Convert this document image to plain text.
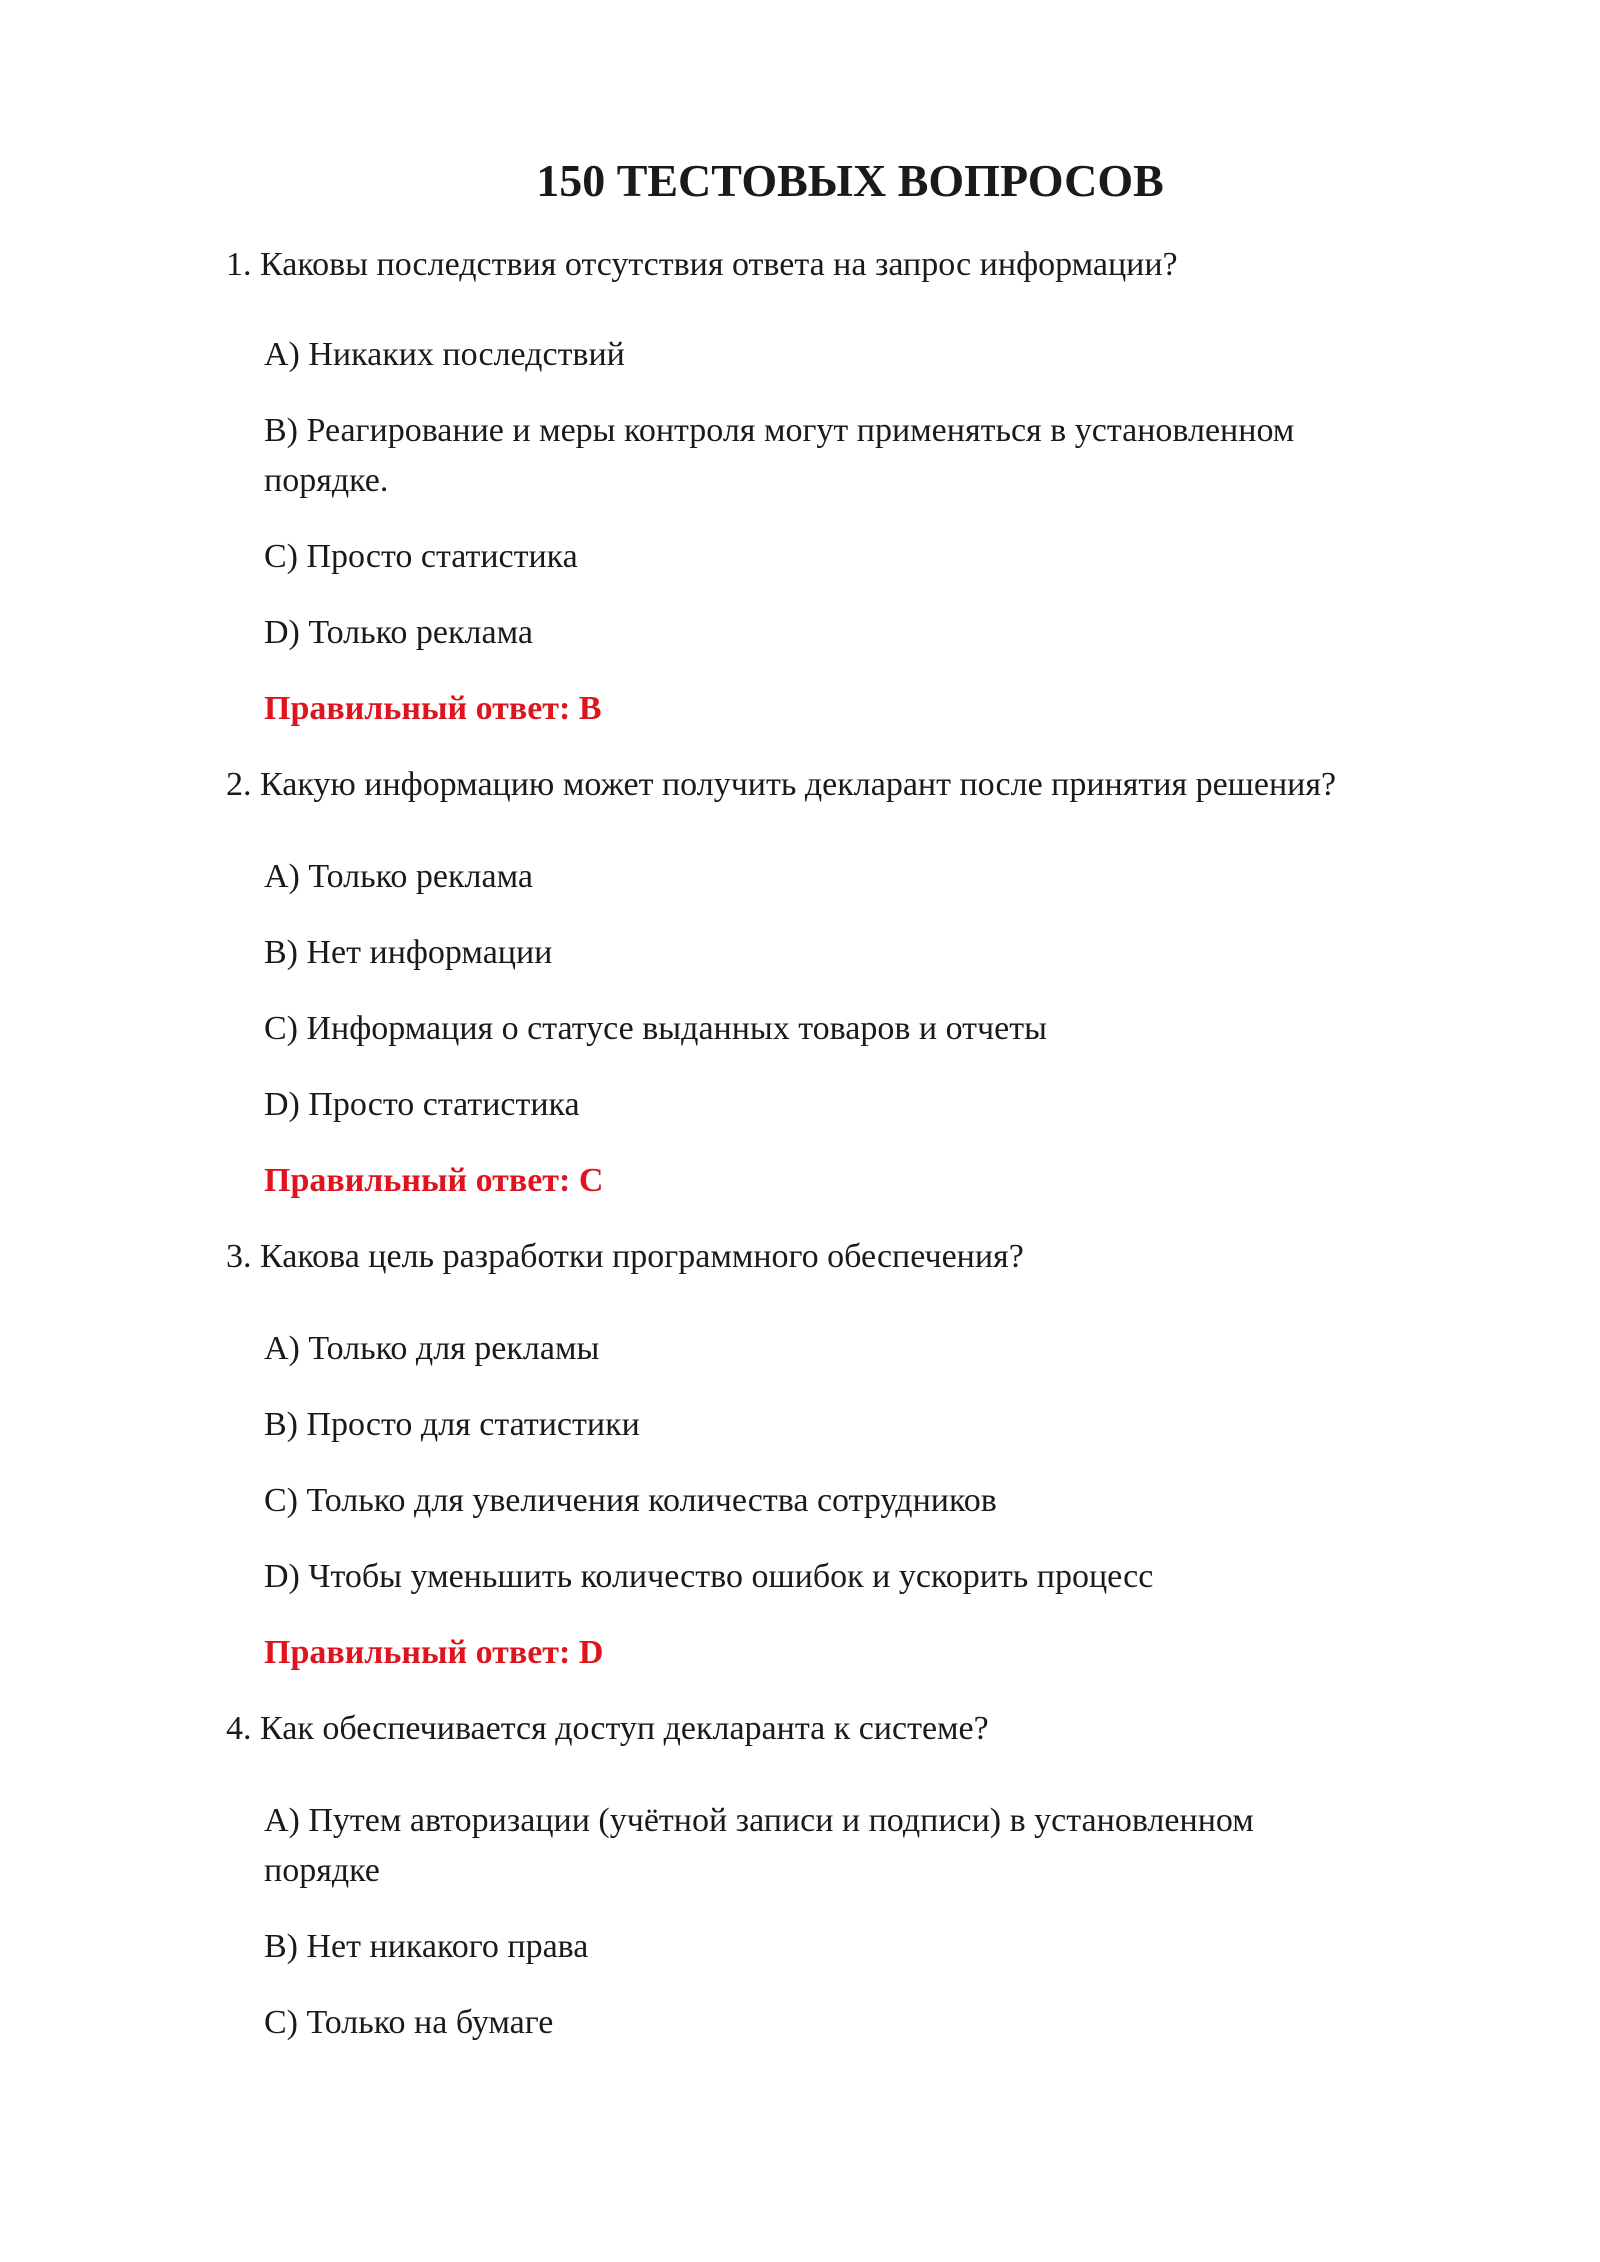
150 ТЕСТОВЫХ ВОПРОСОВ
1. Каковы последствия отсутствия ответа на запрос информации?
A) Никаких последствий
B) Реагирование и меры контроля могут применяться в установленном
порядке.
C) Просто статистика
D) Только реклама
Правильный ответ: B
2. Какую информацию может получить декларант после принятия решения?
A) Только реклама
B) Нет информации
C) Информация о статусе выданных товаров и отчеты
D) Просто статистика
Правильный ответ: C
3. Какова цель разработки программного обеспечения?
A) Только для рекламы
B) Просто для статистики
C) Только для увеличения количества сотрудников
D) Чтобы уменьшить количество ошибок и ускорить процесс
Правильный ответ: D
4. Как обеспечивается доступ декларанта к системе?
A) Путем авторизации (учётной записи и подписи) в установленном
порядке
B) Нет никакого права
C) Только на бумаге
